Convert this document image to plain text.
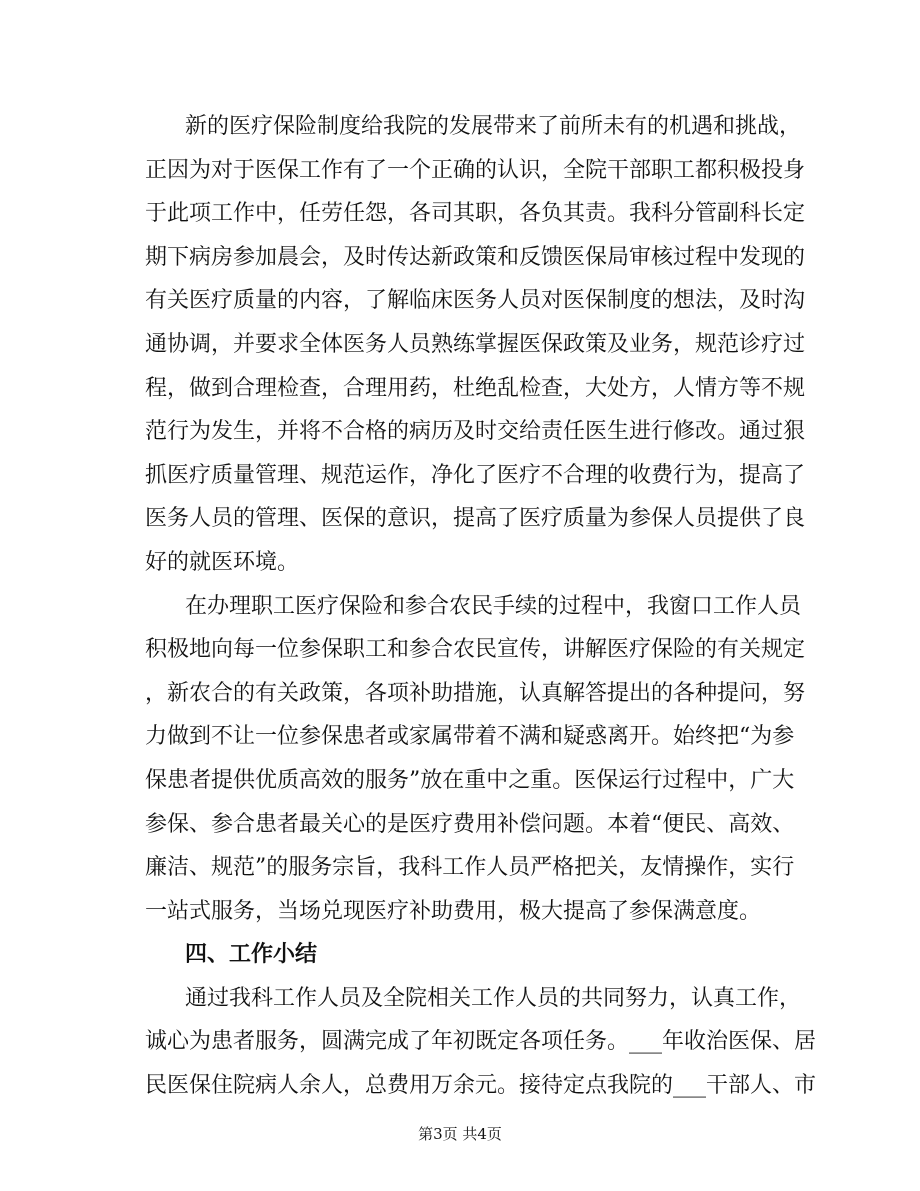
新的医疗保险制度给我院的发展带来了前所未有的机遇和挑战，
正因为对于医保工作有了一个正确的认识，全院干部职工都积极投身
于此项工作中，任劳任怨，各司其职，各负其责。我科分管副科长定
期下病房参加晨会，及时传达新政策和反馈医保局审核过程中发现的
有关医疗质量的内容，了解临床医务人员对医保制度的想法，及时沟
通协调，并要求全体医务人员熟练掌握医保政策及业务，规范诊疗过
程，做到合理检查，合理用药，杜绝乱检查，大处方，人情方等不规
范行为发生，并将不合格的病历及时交给责任医生进行修改。通过狠
抓医疗质量管理、规范运作，净化了医疗不合理的收费行为，提高了
医务人员的管理、医保的意识，提高了医疗质量为参保人员提供了良
好的就医环境。
在办理职工医疗保险和参合农民手续的过程中，我窗口工作人员
积极地向每一位参保职工和参合农民宣传，讲解医疗保险的有关规定
，新农合的有关政策，各项补助措施，认真解答提出的各种提问，努
力做到不让一位参保患者或家属带着不满和疑惑离开。始终把“为参
保患者提供优质高效的服务”放在重中之重。医保运行过程中，广大
参保、参合患者最关心的是医疗费用补偿问题。本着“便民、高效、
廉洁、规范”的服务宗旨，我科工作人员严格把关，友情操作，实行
一站式服务，当场兑现医疗补助费用，极大提高了参保满意度。
四、工作小结
通过我科工作人员及全院相关工作人员的共同努力，认真工作，
诚心为患者服务，圆满完成了年初既定各项任务。___年收治医保、居
民医保住院病人余人，总费用万余元。接待定点我院的___干部人、市
第3页 共4页
